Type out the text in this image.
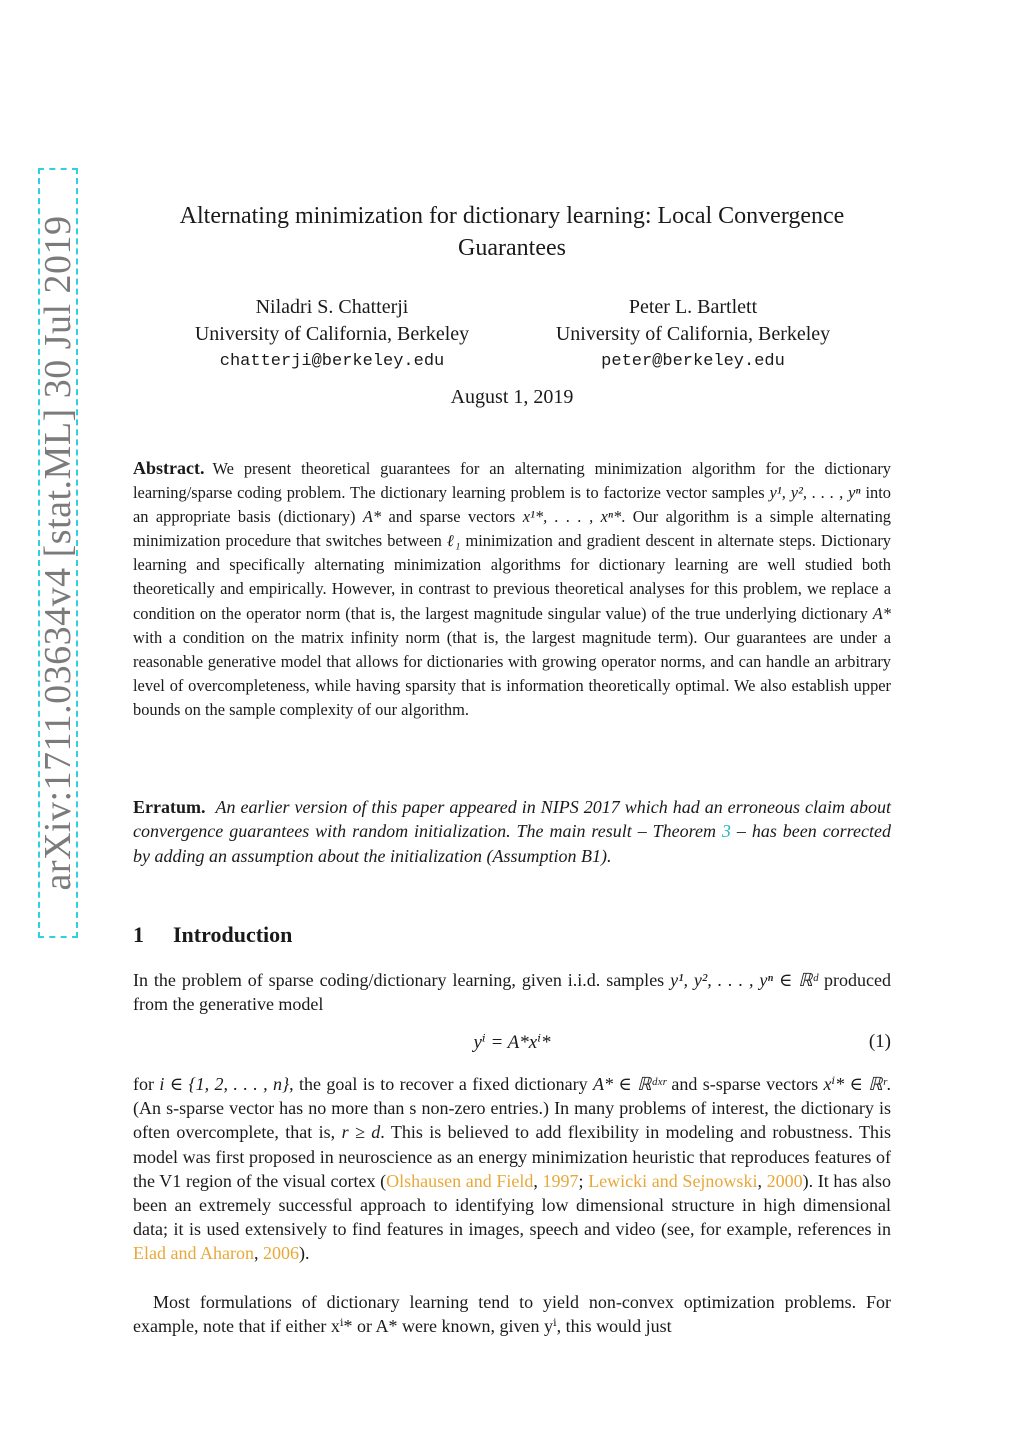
arXiv:1711.03634v4 [stat.ML] 30 Jul 2019	Alternating minimization for dictionary learning: Local Convergence Guarantees
Niladri S. Chatterji
University of California, Berkeley
chatterji@berkeley.edu
Peter L. Bartlett
University of California, Berkeley
peter@berkeley.edu
August 1, 2019
Abstract. We present theoretical guarantees for an alternating minimization algorithm for the dictionary learning/sparse coding problem. The dictionary learning problem is to factorize vector samples y¹, y², . . . , yⁿ into an appropriate basis (dictionary) A* and sparse vectors x¹*, . . . , xⁿ*. Our algorithm is a simple alternating minimization procedure that switches between ℓ₁ minimization and gradient descent in alternate steps. Dictionary learning and specifically alternating minimization algorithms for dictionary learning are well studied both theoretically and empirically. However, in contrast to previous theoretical analyses for this problem, we replace a condition on the operator norm (that is, the largest magnitude singular value) of the true underlying dictionary A* with a condition on the matrix infinity norm (that is, the largest magnitude term). Our guarantees are under a reasonable generative model that allows for dictionaries with growing operator norms, and can handle an arbitrary level of overcompleteness, while having sparsity that is information theoretically optimal. We also establish upper bounds on the sample complexity of our algorithm.
Erratum. An earlier version of this paper appeared in NIPS 2017 which had an erroneous claim about convergence guarantees with random initialization. The main result – Theorem 3 – has been corrected by adding an assumption about the initialization (Assumption B1).
1 Introduction
In the problem of sparse coding/dictionary learning, given i.i.d. samples y¹, y², . . . , yⁿ ∈ ℝᵈ produced from the generative model
yⁱ = A*xⁱ*	(1)
for i ∈ {1, 2, . . . , n}, the goal is to recover a fixed dictionary A* ∈ ℝᵈˣʳ and s-sparse vectors xⁱ* ∈ ℝʳ. (An s-sparse vector has no more than s non-zero entries.) In many problems of interest, the dictionary is often overcomplete, that is, r ≥ d. This is believed to add flexibility in modeling and robustness. This model was first proposed in neuroscience as an energy minimization heuristic that reproduces features of the V1 region of the visual cortex (Olshausen and Field, 1997; Lewicki and Sejnowski, 2000). It has also been an extremely successful approach to identifying low dimensional structure in high dimensional data; it is used extensively to find features in images, speech and video (see, for example, references in Elad and Aharon, 2006).
Most formulations of dictionary learning tend to yield non-convex optimization problems. For example, note that if either xⁱ* or A* were known, given yⁱ, this would just
